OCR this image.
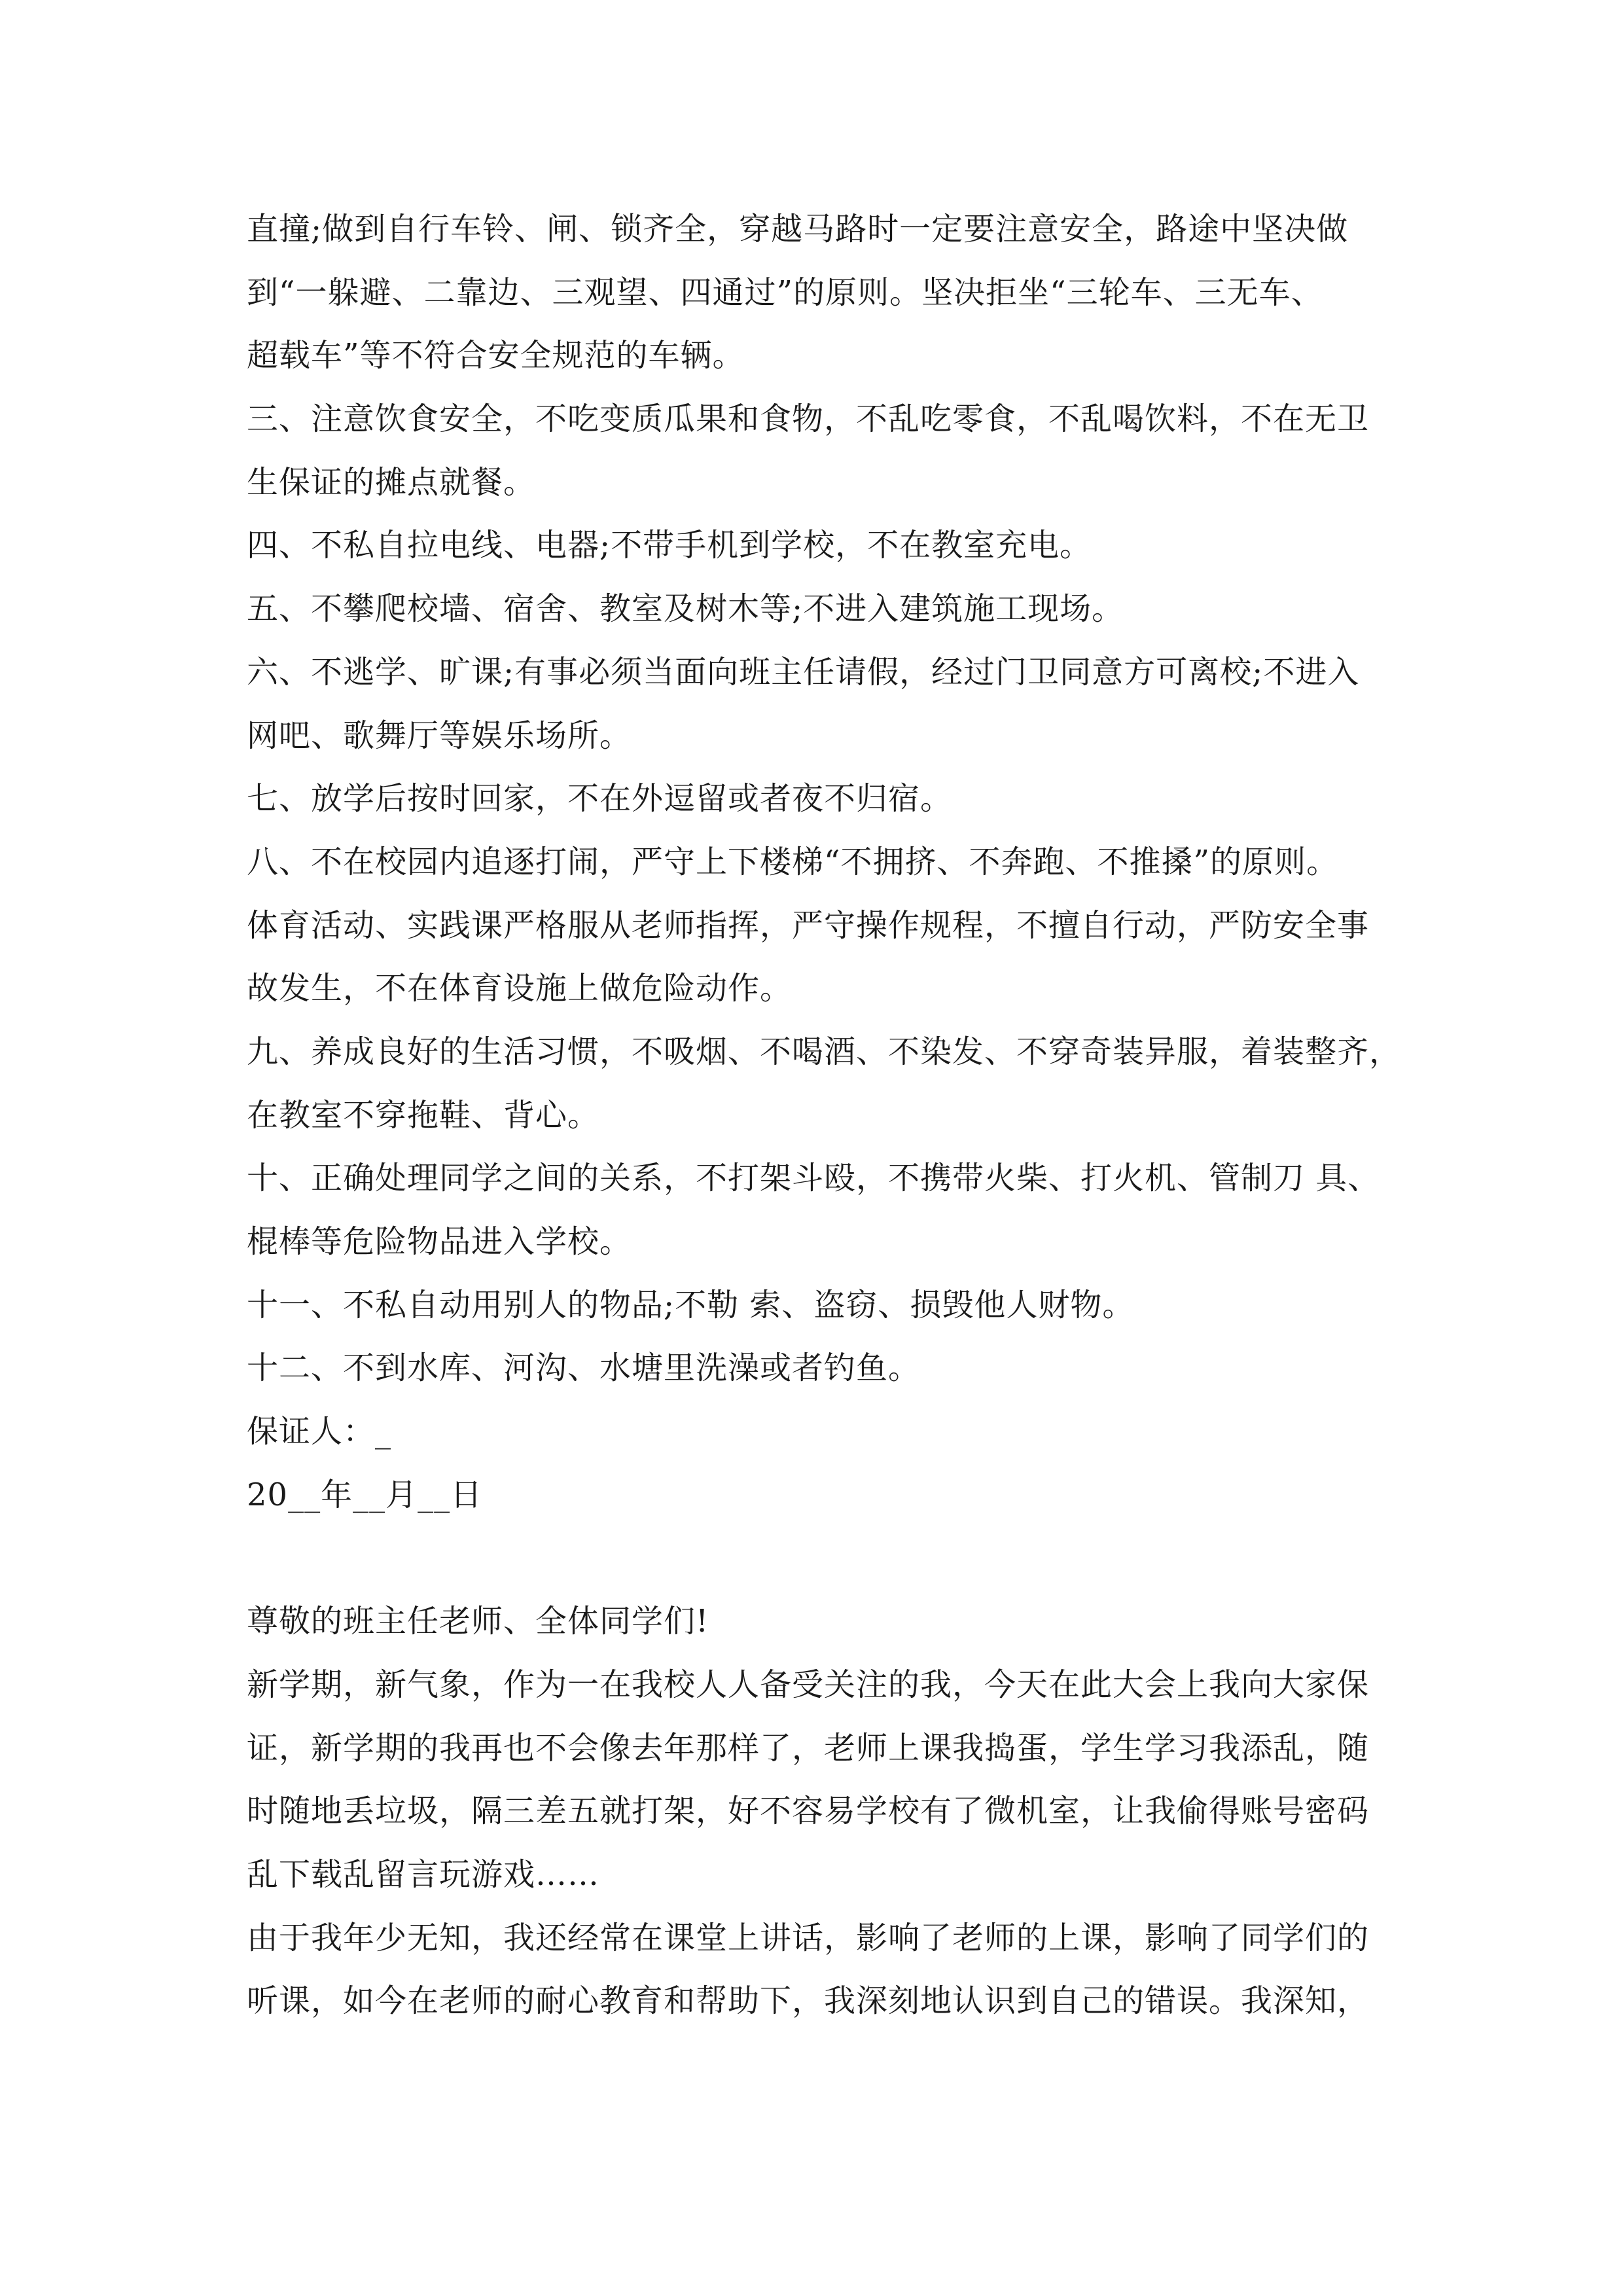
直撞;做到自行车铃、闸、锁齐全，穿越马路时一定要注意安全，路途中坚决做
到“一躲避、二靠边、三观望、四通过”的原则。坚决拒坐“三轮车、三无车、
超载车”等不符合安全规范的车辆。
三、注意饮食安全，不吃变质瓜果和食物，不乱吃零食，不乱喝饮料，不在无卫
生保证的摊点就餐。
四、不私自拉电线、电器;不带手机到学校，不在教室充电。
五、不攀爬校墙、宿舍、教室及树木等;不进入建筑施工现场。
六、不逃学、旷课;有事必须当面向班主任请假，经过门卫同意方可离校;不进入
网吧、歌舞厅等娱乐场所。
七、放学后按时回家，不在外逗留或者夜不归宿。
八、不在校园内追逐打闹，严守上下楼梯“不拥挤、不奔跑、不推搡”的原则。
体育活动、实践课严格服从老师指挥，严守操作规程，不擅自行动，严防安全事
故发生，不在体育设施上做危险动作。
九、养成良好的生活习惯，不吸烟、不喝酒、不染发、不穿奇装异服，着装整齐，
在教室不穿拖鞋、背心。
十、正确处理同学之间的关系，不打架斗殴，不携带火柴、打火机、管制刀 具、
棍棒等危险物品进入学校。
十一、不私自动用别人的物品;不勒 索、盗窃、损毁他人财物。
十二、不到水库、河沟、水塘里洗澡或者钓鱼。
保证人：_
20__年__月__日
尊敬的班主任老师、全体同学们!
新学期，新气象，作为一在我校人人备受关注的我，今天在此大会上我向大家保
证，新学期的我再也不会像去年那样了，老师上课我捣蛋，学生学习我添乱，随
时随地丢垃圾，隔三差五就打架，好不容易学校有了微机室，让我偷得账号密码
乱下载乱留言玩游戏……
由于我年少无知，我还经常在课堂上讲话，影响了老师的上课，影响了同学们的
听课，如今在老师的耐心教育和帮助下，我深刻地认识到自己的错误。我深知，
